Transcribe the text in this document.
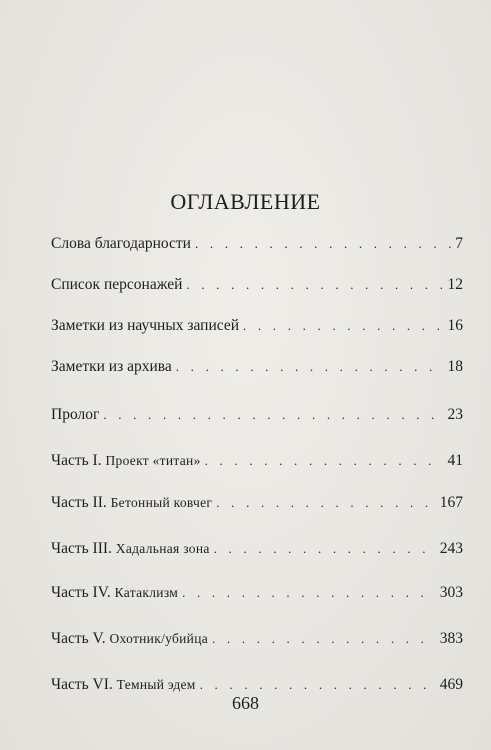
ОГЛАВЛЕНИЕ
Слова благодарности . . .	7
Список персонажей . . .	12
Заметки из научных записей . . .	16
Заметки из архива . . .	18
Пролог . . .	23
Часть I. Проект «титан» . . .	41
Часть II. Бетонный ковчег . . .	167
Часть III. Хадальная зона . . .	243
Часть IV. Катаклизм . . .	303
Часть V. Охотник/убийца . . .	383
Часть VI. Темный эдем . . .	469
668
